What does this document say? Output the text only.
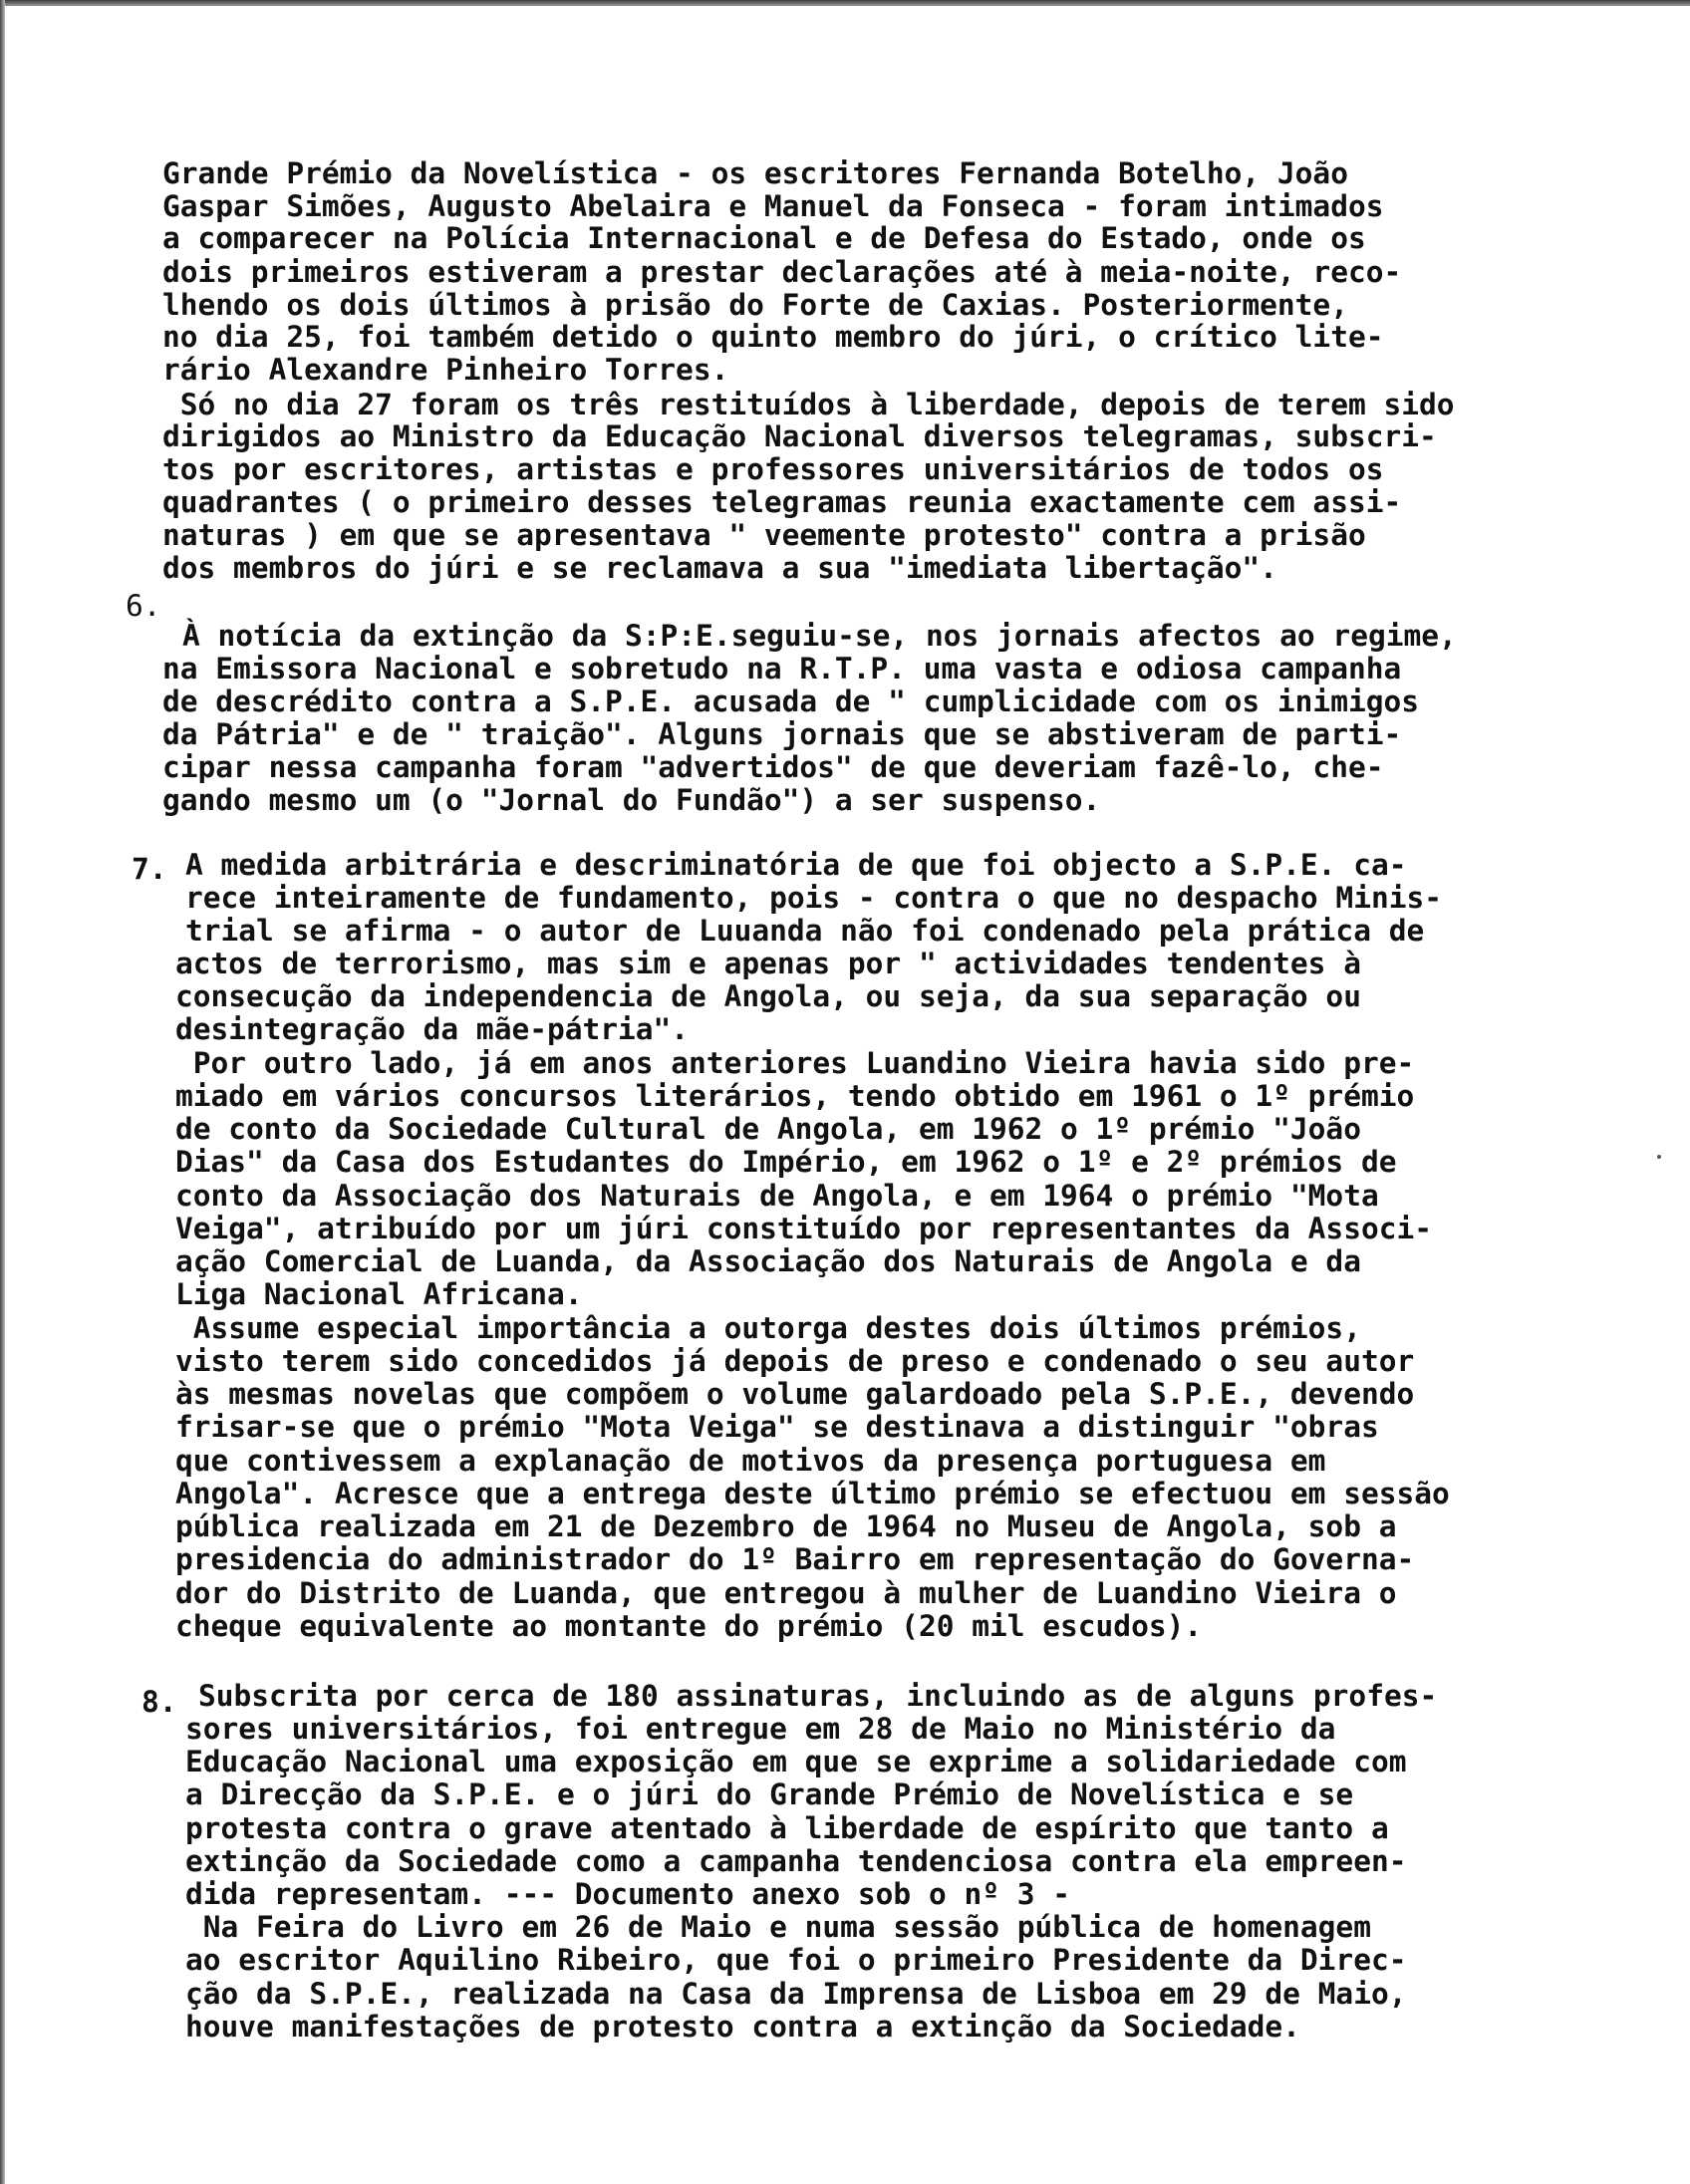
Grande Prémio da Novelística - os escritores Fernanda Botelho, João
Gaspar Simões, Augusto Abelaira e Manuel da Fonseca - foram intimados
a comparecer na Polícia Internacional e de Defesa do Estado, onde os
dois primeiros estiveram a prestar declarações até à meia-noite, reco-
lhendo os dois últimos à prisão do Forte de Caxias. Posteriormente,
no dia 25, foi também detido o quinto membro do júri, o crítico lite-
rário Alexandre Pinheiro Torres.
Só no dia 27 foram os três restituídos à liberdade, depois de terem sido
dirigidos ao Ministro da Educação Nacional diversos telegramas, subscri-
tos por escritores, artistas e professores universitários de todos os
quadrantes ( o primeiro desses telegramas reunia exactamente cem assi-
naturas ) em que se apresentava " veemente protesto" contra a prisão
dos membros do júri e se reclamava a sua "imediata libertação".
6.
À notícia da extinção da S:P:E.seguiu-se, nos jornais afectos ao regime,
na Emissora Nacional e sobretudo na R.T.P. uma vasta e odiosa campanha
de descrédito contra a S.P.E. acusada de " cumplicidade com os inimigos
da Pátria" e de " traição". Alguns jornais que se abstiveram de parti-
cipar nessa campanha foram "advertidos" de que deveriam fazê-lo, che-
gando mesmo um (o "Jornal do Fundão") a ser suspenso.
7. A medida arbitrária e descriminatória de que foi objecto a S.P.E. ca-
rece inteiramente de fundamento, pois - contra o que no despacho Minis-
trial se afirma - o autor de Luuanda não foi condenado pela prática de
actos de terrorismo, mas sim e apenas por " actividades tendentes à
consecução da independencia de Angola, ou seja, da sua separação ou
desintegração da mãe-pátria".
Por outro lado, já em anos anteriores Luandino Vieira havia sido pre-
miado em vários concursos literários, tendo obtido em 1961 o 1º prémio
de conto da Sociedade Cultural de Angola, em 1962 o 1º prémio "João
Dias" da Casa dos Estudantes do Império, em 1962 o 1º e 2º prémios de
conto da Associação dos Naturais de Angola, e em 1964 o prémio "Mota
Veiga", atribuído por um júri constituído por representantes da Associ-
ação Comercial de Luanda, da Associação dos Naturais de Angola e da
Liga Nacional Africana.
Assume especial importância a outorga destes dois últimos prémios,
visto terem sido concedidos já depois de preso e condenado o seu autor
às mesmas novelas que compõem o volume galardoado pela S.P.E., devendo
frisar-se que o prémio "Mota Veiga" se destinava a distinguir "obras
que contivessem a explanação de motivos da presença portuguesa em
Angola". Acresce que a entrega deste último prémio se efectuou em sessão
pública realizada em 21 de Dezembro de 1964 no Museu de Angola, sob a
presidencia do administrador do 1º Bairro em representação do Governa-
dor do Distrito de Luanda, que entregou à mulher de Luandino Vieira o
cheque equivalente ao montante do prémio (20 mil escudos).
8. Subscrita por cerca de 180 assinaturas, incluindo as de alguns profes-
sores universitários, foi entregue em 28 de Maio no Ministério da
Educação Nacional uma exposição em que se exprime a solidariedade com
a Direcção da S.P.E. e o júri do Grande Prémio de Novelística e se
protesta contra o grave atentado à liberdade de espírito que tanto a
extinção da Sociedade como a campanha tendenciosa contra ela empreen-
dida representam. --- Documento anexo sob o nº 3 -
Na Feira do Livro em 26 de Maio e numa sessão pública de homenagem
ao escritor Aquilino Ribeiro, que foi o primeiro Presidente da Direc-
ção da S.P.E., realizada na Casa da Imprensa de Lisboa em 29 de Maio,
houve manifestações de protesto contra a extinção da Sociedade.
